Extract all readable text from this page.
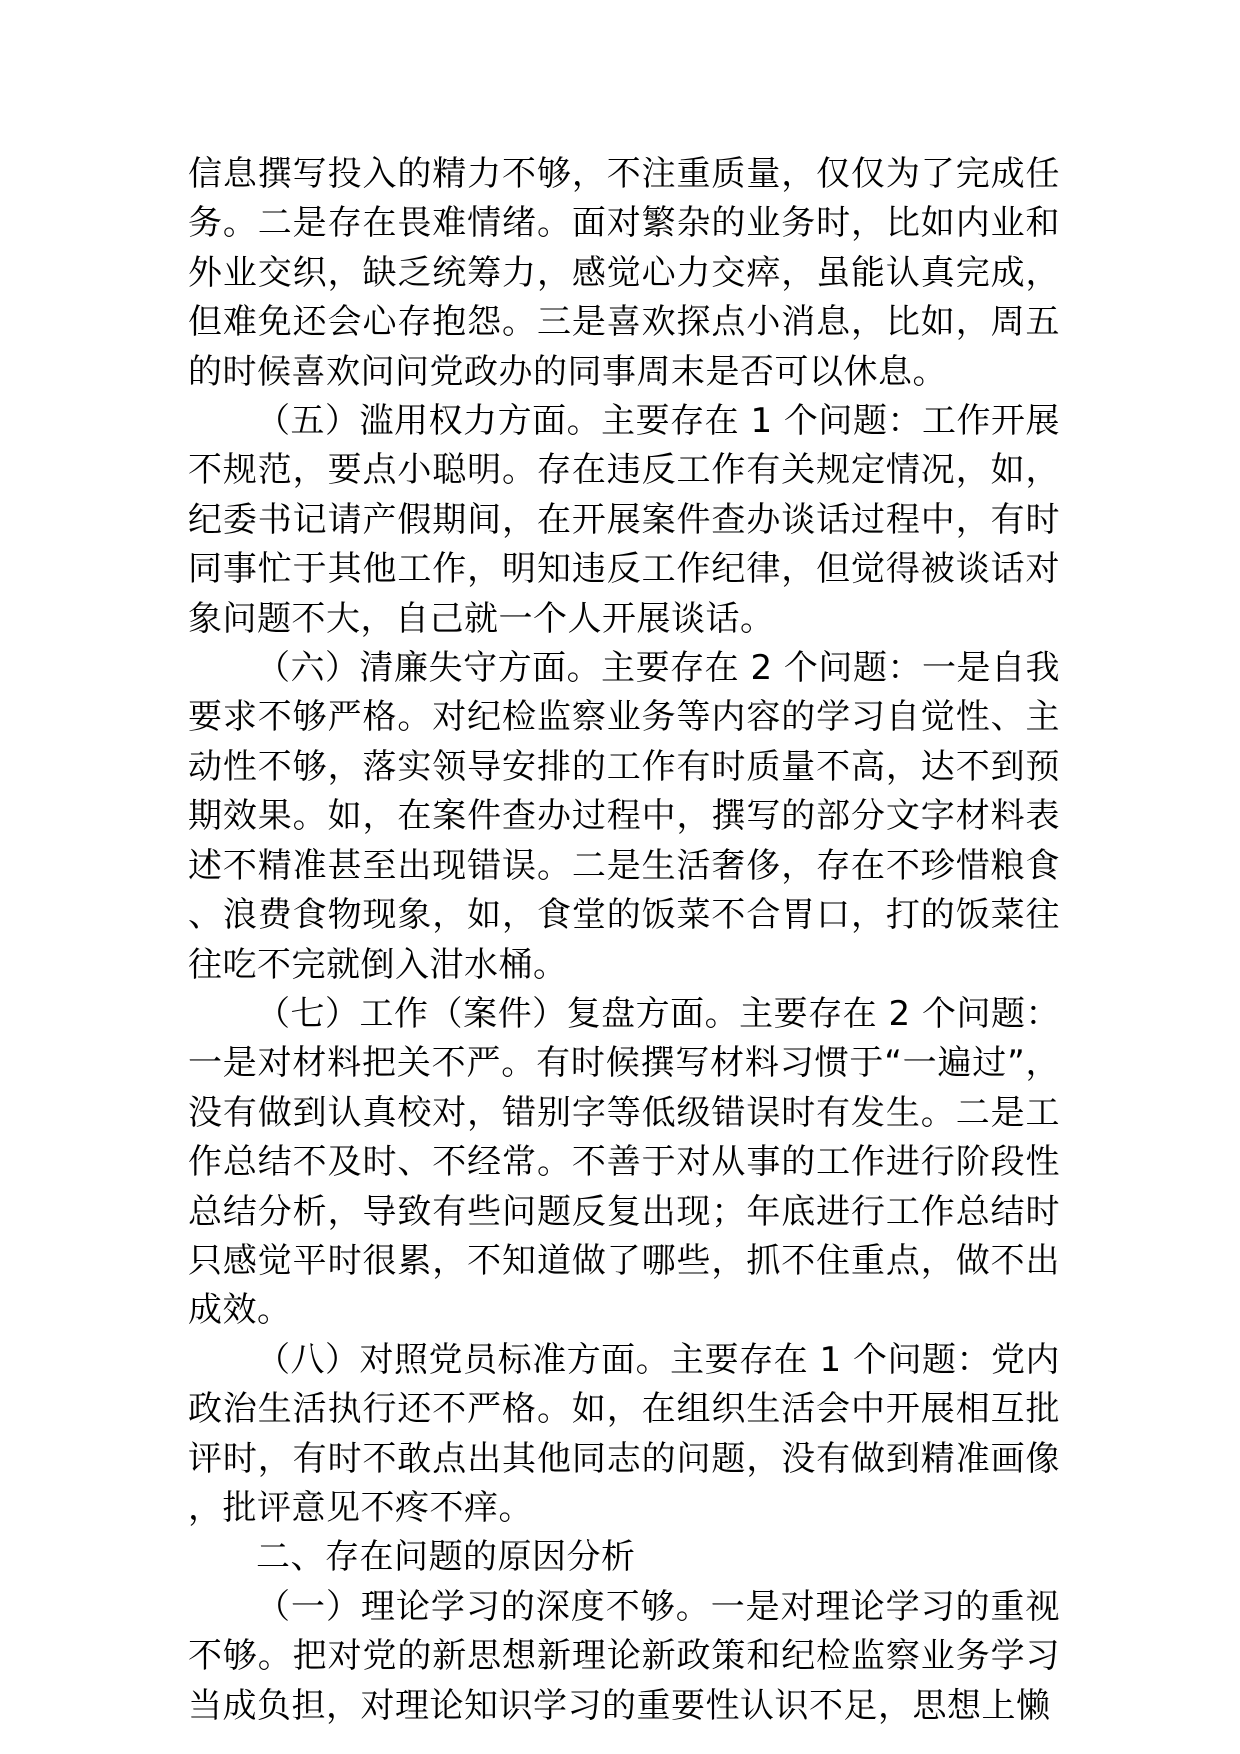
信息撰写投入的精力不够，不注重质量，仅仅为了完成任务。二是存在畏难情绪。面对繁杂的业务时，比如内业和外业交织，缺乏统筹力，感觉心力交瘁，虽能认真完成，但难免还会心存抱怨。三是喜欢探点小消息，比如，周五的时候喜欢问问党政办的同事周末是否可以休息。

（五）滥用权力方面。主要存在 1 个问题：工作开展不规范，要点小聪明。存在违反工作有关规定情况，如，纪委书记请产假期间，在开展案件查办谈话过程中，有时同事忙于其他工作，明知违反工作纪律，但觉得被谈话对象问题不大，自己就一个人开展谈话。

（六）清廉失守方面。主要存在 2 个问题：一是自我要求不够严格。对纪检监察业务等内容的学习自觉性、主动性不够，落实领导安排的工作有时质量不高，达不到预期效果。如，在案件查办过程中，撰写的部分文字材料表述不精准甚至出现错误。二是生活奢侈，存在不珍惜粮食、浪费食物现象，如，食堂的饭菜不合胃口，打的饭菜往往吃不完就倒入泔水桶。

（七）工作（案件）复盘方面。主要存在 2 个问题：一是对材料把关不严。有时候撰写材料习惯于“一遍过”，没有做到认真校对，错别字等低级错误时有发生。二是工作总结不及时、不经常。不善于对从事的工作进行阶段性总结分析，导致有些问题反复出现；年底进行工作总结时只感觉平时很累，不知道做了哪些，抓不住重点，做不出成效。

（八）对照党员标准方面。主要存在 1 个问题：党内政治生活执行还不严格。如，在组织生活会中开展相互批评时，有时不敢点出其他同志的问题，没有做到精准画像，批评意见不疼不痒。

二、存在问题的原因分析

（一）理论学习的深度不够。一是对理论学习的重视不够。把对党的新思想新理论新政策和纪检监察业务学习当成负担，对理论知识学习的重要性认识不足，思想上懒
